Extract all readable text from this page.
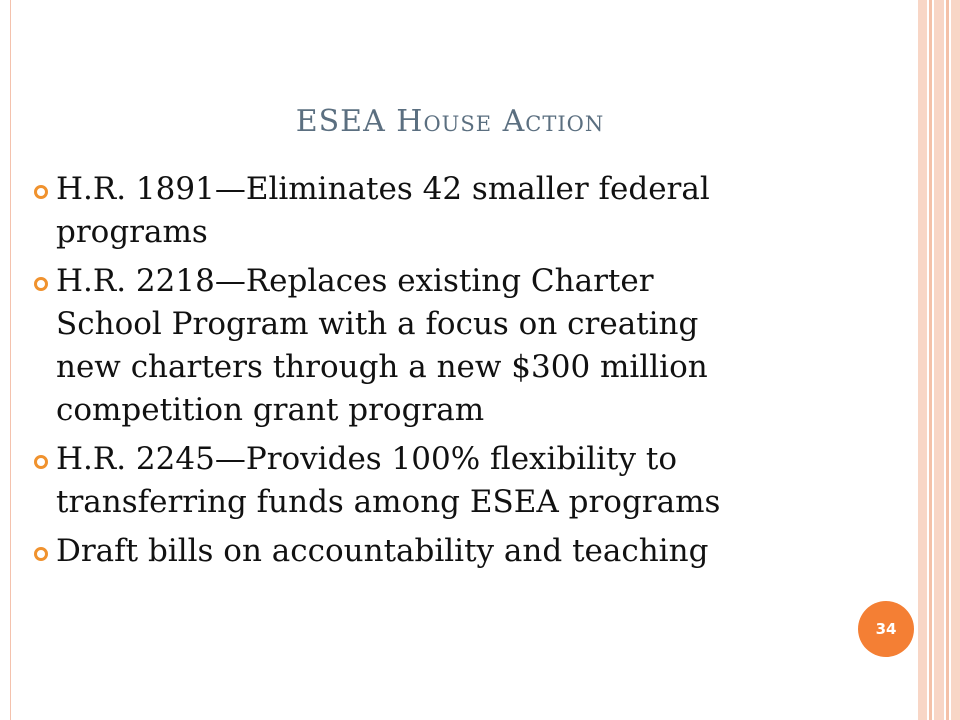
ESEA House Action
34
H.R. 1891—Eliminates 42 smaller federal
programs
H.R. 2218—Replaces existing Charter
School Program with a focus on creating
new charters through a new $300 million
competition grant program
H.R. 2245—Provides 100% flexibility to
transferring funds among ESEA programs
Draft bills on accountability and teaching
